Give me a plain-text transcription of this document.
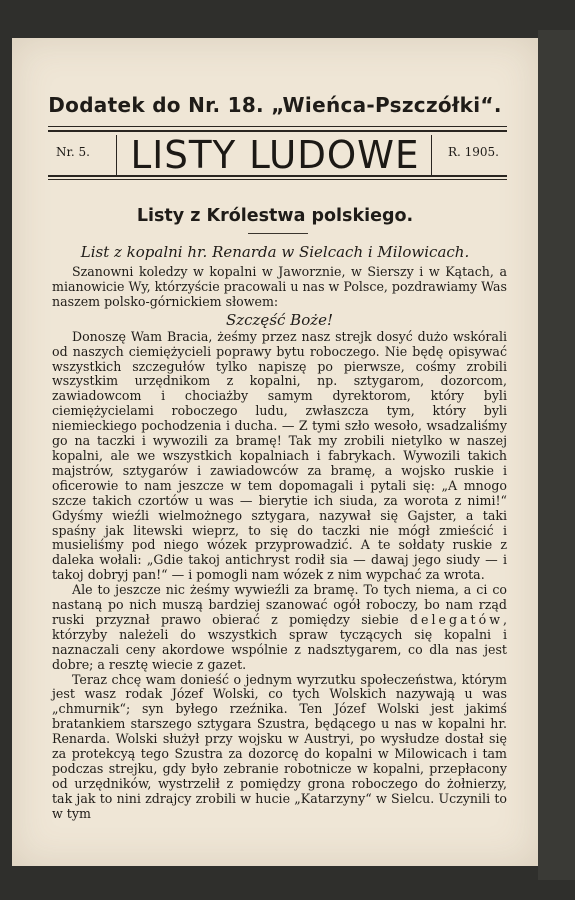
Dodatek do Nr. 18. „Wieńca-Pszczółki“.
Nr. 5. LISTY LUDOWE	R. 1905.
Listy z Królestwa polskiego.
List z kopalni hr. Renarda w Sielcach i Milowicach.

Szanowni koledzy w kopalni w Jaworznie, w Sierszy i w Kątach, a mianowicie Wy, którzyście pracowali u nas w Polsce, pozdrawiamy Was naszem polsko-górnickiem słowem:

Szczęść Boże!

Donoszę Wam Bracia, żeśmy przez nasz strejk dosyć dużo wskórali od naszych ciemiężycieli poprawy bytu roboczego. Nie będę opisywać wszystkich szczegułów tylko napiszę po pierwsze, cośmy zrobili wszystkim urzędnikom z kopalni, np. sztygarom, dozorcom, zawiadowcom i chociażby samym dyrektorom, który byli ciemiężycielami roboczego ludu, zwłaszcza tym, który byli niemieckiego pochodzenia i ducha. — Z tymi szło wesoło, wsadzaliśmy go na taczki i wywozili za bramę! Tak my zrobili nietylko w naszej kopalni, ale we wszystkich kopalniach i fabrykach. Wywozili takich majstrów, sztygarów i zawiadowców za bramę, a wojsko ruskie i oficerowie to nam jeszcze w tem dopomagali i pytali się: „A mnogo szcze takich czortów u was — bierytie ich siuda, za worota z nimi!“ Gdyśmy wieźli wielmożnego sztygara, nazywał się Gajster, a taki spaśny jak litewski wieprz, to się do taczki nie mógł zmieścić i musieliśmy pod niego wózek przyprowadzić. A te sołdaty ruskie z daleka wołali: „Gdie takoj antichryst rodił sia — dawaj jego siudy — i takoj dobryj pan!“ — i pomogli nam wózek z nim wypchać za wrota.

Ale to jeszcze nic żeśmy wywieźli za bramę. To tych niema, a ci co nastaną po nich muszą bardziej szanować ogół roboczy, bo nam rząd ruski przyznał prawo obierać z pomiędzy siebie delegatów, którzyby należeli do wszystkich spraw tyczących się kopalni i naznaczali ceny akordowe wspólnie z nadsztygarem, co dla nas jest dobre; a resztę wiecie z gazet.

Teraz chcę wam donieść o jednym wyrzutku społeczeństwa, którym jest wasz rodak Józef Wolski, co tych Wolskich nazywają u was „chmurnik“; syn byłego rzeźnika. Ten Józef Wolski jest jakimś bratankiem starszego sztygara Szustra, będącego u nas w kopalni hr. Renarda. Wolski służył przy wojsku w Austryi, po wysłudze dostał się za protekcyą tego Szustra za dozorcę do kopalni w Milowicach i tam podczas strejku, gdy było zebranie robotnicze w kopalni, przepłacony od urzędników, wystrzelił z pomiędzy grona roboczego do żołnierzy, tak jak to nini zdrajcy zrobili w hucie „Katarzyny“ w Sielcu. Uczynili to w tym
